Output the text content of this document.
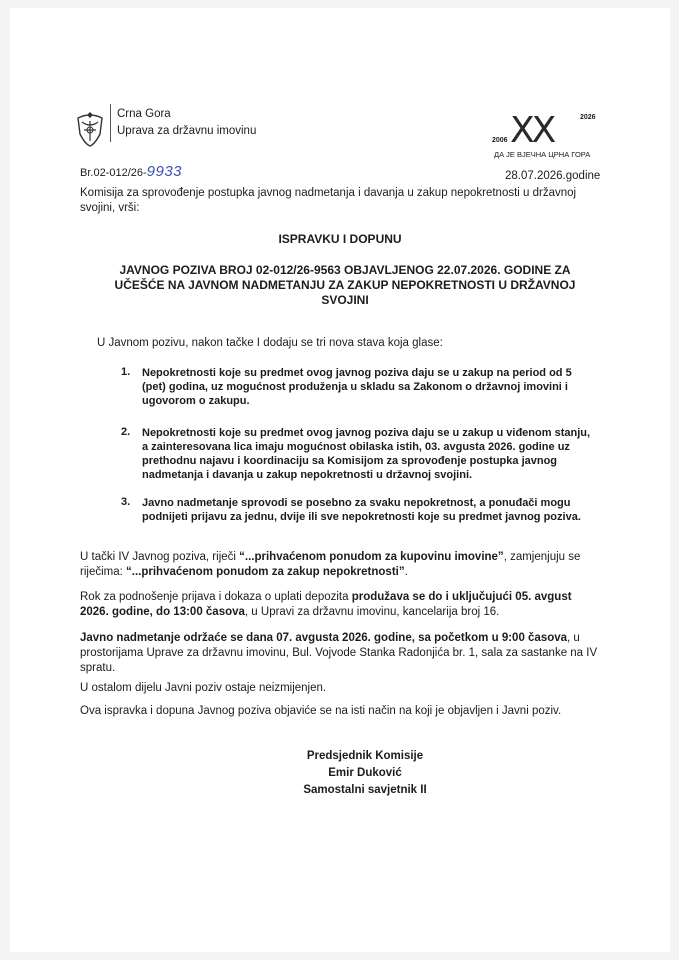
Crna Gora
Uprava za državnu imovinu	XX
2006
2026
ДА ЈЕ ВЈЕЧНА ЦРНА ГОРА
Br.02-012/26-9933	28.07.2026.godine
Komisija za sprovođenje postupka javnog nadmetanja i davanja u zakup nepokretnosti u državnoj svojini, vrši:
ISPRAVKU I DOPUNU
JAVNOG POZIVA BROJ 02-012/26-9563 OBJAVLJENOG 22.07.2026. GODINE ZA UČEŠĆE NA JAVNOM NADMETANJU ZA ZAKUP NEPOKRETNOSTI U DRŽAVNOJ SVOJINI
U Javnom pozivu, nakon tačke I dodaju se tri nova stava koja glase:
1. Nepokretnosti koje su predmet ovog javnog poziva daju se u zakup na period od 5 (pet) godina, uz mogućnost produženja u skladu sa Zakonom o državnoj imovini i ugovorom o zakupu.
2. Nepokretnosti koje su predmet ovog javnog poziva daju se u zakup u viđenom stanju, a zainteresovana lica imaju mogućnost obilaska istih, 03. avgusta 2026. godine uz prethodnu najavu i koordinaciju sa Komisijom za sprovođenje postupka javnog nadmetanja i davanja u zakup nepokretnosti u državnoj svojini.
3. Javno nadmetanje sprovodi se posebno za svaku nepokretnost, a ponuđači mogu podnijeti prijavu za jednu, dvije ili sve nepokretnosti koje su predmet javnog poziva.
U tački IV Javnog poziva, riječi “...prihvaćenom ponudom za kupovinu imovine”, zamjenjuju se riječima: “...prihvaćenom ponudom za zakup nepokretnosti”.
Rok za podnošenje prijava i dokaza o uplati depozita produžava se do i uključujući 05. avgust 2026. godine, do 13:00 časova, u Upravi za državnu imovinu, kancelarija broj 16.
Javno nadmetanje održaće se dana 07. avgusta 2026. godine, sa početkom u 9:00 časova, u prostorijama Uprave za državnu imovinu, Bul. Vojvode Stanka Radonjića br. 1, sala za sastanke na IV spratu.
U ostalom dijelu Javni poziv ostaje neizmijenjen.
Ova ispravka i dopuna Javnog poziva objaviće se na isti način na koji je objavljen i Javni poziv.
Predsjednik Komisije
Emir Duković
Samostalni savjetnik II
